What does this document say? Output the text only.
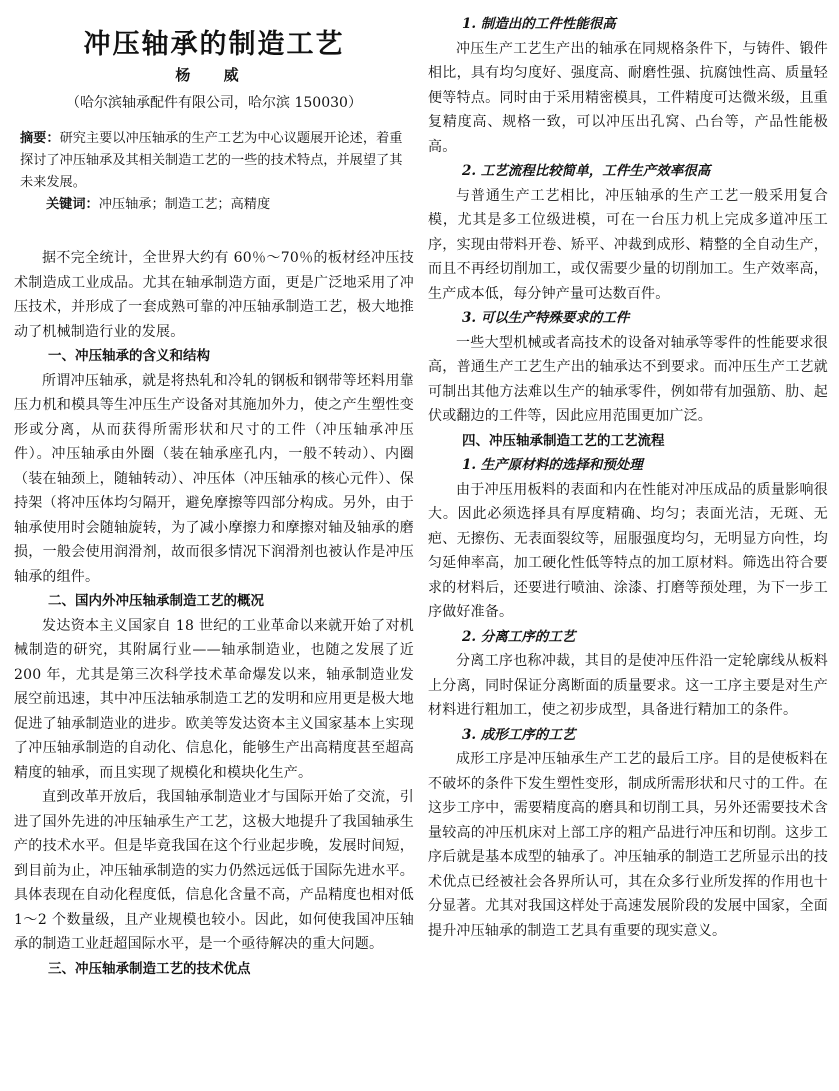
冲压轴承的制造工艺
杨 威
（哈尔滨轴承配件有限公司，哈尔滨 150030）

摘要：研究主要以冲压轴承的生产工艺为中心议题展开论述，着重探讨了冲压轴承及其相关制造工艺的一些的技术特点，并展望了其未来发展。

关键词：冲压轴承；制造工艺；高精度

据不完全统计，全世界大约有 60％～70％的板材经冲压技术制造成工业成品。尤其在轴承制造方面，更是广泛地采用了冲压技术，并形成了一套成熟可靠的冲压轴承制造工艺，极大地推动了机械制造行业的发展。

一、冲压轴承的含义和结构

所谓冲压轴承，就是将热轧和冷轧的钢板和钢带等坯料用靠压力机和模具等生冲压生产设备对其施加外力，使之产生塑性变形或分离，从而获得所需形状和尺寸的工件（冲压轴承冲压件）。冲压轴承由外圈（装在轴承座孔内，一般不转动）、内圈（装在轴颈上，随轴转动）、冲压体（冲压轴承的核心元件）、保持架（将冲压体均匀隔开，避免摩擦等四部分构成。另外，由于轴承使用时会随轴旋转，为了减小摩擦力和摩擦对轴及轴承的磨损，一般会使用润滑剂，故而很多情况下润滑剂也被认作是冲压轴承的组件。

二、国内外冲压轴承制造工艺的概况

发达资本主义国家自 18 世纪的工业革命以来就开始了对机械制造的研究，其附属行业——轴承制造业，也随之发展了近 200 年，尤其是第三次科学技术革命爆发以来，轴承制造业发展空前迅速，其中冲压法轴承制造工艺的发明和应用更是极大地促进了轴承制造业的进步。欧美等发达资本主义国家基本上实现了冲压轴承制造的自动化、信息化，能够生产出高精度甚至超高精度的轴承，而且实现了规模化和模块化生产。

直到改革开放后，我国轴承制造业才与国际开始了交流，引进了国外先进的冲压轴承生产工艺，这极大地提升了我国轴承生产的技术水平。但是毕竟我国在这个行业起步晚，发展时间短，到目前为止，冲压轴承制造的实力仍然远远低于国际先进水平。具体表现在自动化程度低，信息化含量不高，产品精度也相对低 1～2 个数量级，且产业规模也较小。因此，如何使我国冲压轴承的制造工业赶超国际水平，是一个亟待解决的重大问题。

三、冲压轴承制造工艺的技术优点
1. 制造出的工件性能很高

冲压生产工艺生产出的轴承在同规格条件下，与铸件、锻件相比，具有均匀度好、强度高、耐磨性强、抗腐蚀性高、质量轻便等特点。同时由于采用精密模具，工件精度可达微米级，且重复精度高、规格一致，可以冲压出孔窝、凸台等，产品性能极高。

2. 工艺流程比较简单，工件生产效率很高

与普通生产工艺相比，冲压轴承的生产工艺一般采用复合模，尤其是多工位级进模，可在一台压力机上完成多道冲压工序，实现由带料开卷、矫平、冲裁到成形、精整的全自动生产，而且不再经切削加工，或仅需要少量的切削加工。生产效率高，生产成本低，每分钟产量可达数百件。

3. 可以生产特殊要求的工件

一些大型机械或者高技术的设备对轴承等零件的性能要求很高，普通生产工艺生产出的轴承达不到要求。而冲压生产工艺就可制出其他方法难以生产的轴承零件，例如带有加强筋、肋、起伏或翻边的工件等，因此应用范围更加广泛。

四、冲压轴承制造工艺的工艺流程
1. 生产原材料的选择和预处理

由于冲压用板料的表面和内在性能对冲压成品的质量影响很大。因此必须选择具有厚度精确、均匀；表面光洁，无斑、无疤、无擦伤、无表面裂纹等，屈服强度均匀，无明显方向性，均匀延伸率高，加工硬化性低等特点的加工原材料。筛选出符合要求的材料后，还要进行喷油、涂漆、打磨等预处理，为下一步工序做好准备。

2. 分离工序的工艺

分离工序也称冲裁，其目的是使冲压件沿一定轮廓线从板料上分离，同时保证分离断面的质量要求。这一工序主要是对生产材料进行粗加工，使之初步成型，具备进行精加工的条件。

3. 成形工序的工艺

成形工序是冲压轴承生产工艺的最后工序。目的是使板料在不破坏的条件下发生塑性变形，制成所需形状和尺寸的工件。在这步工序中，需要精度高的磨具和切削工具，另外还需要技术含量较高的冲压机床对上部工序的粗产品进行冲压和切削。这步工序后就是基本成型的轴承了。冲压轴承的制造工艺所显示出的技术优点已经被社会各界所认可，其在众多行业所发挥的作用也十分显著。尤其对我国这样处于高速发展阶段的发展中国家，全面提升冲压轴承的制造工艺具有重要的现实意义。
